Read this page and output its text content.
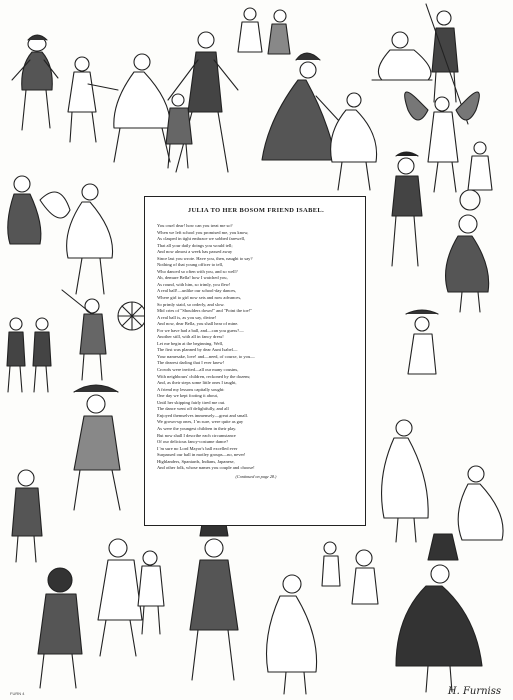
JULIA TO HER BOSOM FRIEND ISABEL.
You cruel dear! how can you treat me so?
When we left school you promised me, you know,
As clasped in tight embrace we sobbed farewell,
That all your daily doings you would tell;
And now almost a week has passed away
Since last you wrote. Have you, then, naught to say?
Nothing of that young officer to tell,
Who danced so often with you, and so well?
Ah, demure Bella! how I watched you,
As round, with him, so trimly, you flew!
A real ball!—unlike our school-day dances,
Where girl to girl now sets and now advances,
So primly staid, so orderly, and slow.
Mid cries of "Shoulders down!" and "Point the toe!"
A real ball is, as you say, divine!
And now, dear Bella, you shall hear of mine.
For we have had a ball, and—can you guess?—
Another still, with all in fancy dress!
Let me begin at the beginning. Well,
The first was planned by dear Aunt Isabel—
Your namesake, love! and—need, of course, to you—
The dearest darling that I ever knew!
Crowds were invited—all our many cousins,
With neighbours' children, reckoned by the dozens;
And, as their steps some little ones I taught,
A friend my lessons capitally sought:
One day we kept footing it about,
Until her skipping fairly tired me out.
The dance went off delightfully, and all
Enjoyed themselves immensely—great and small.
We grown-up ones, I 'm sure, were quite as gay
As were the youngest children in their play.
But now shall I describe each circumstance
Of our delicious fancy-costume dance?
I 'm sure no Lord Mayor's ball excelled ever
Surpassed our ball in motley groups—no, never!
Highlanders, Spaniards, Indians, Japanese,
And other folk, whose names you couple and choose!
(Continued on page 28.)
FURN 4	H. Furniss
